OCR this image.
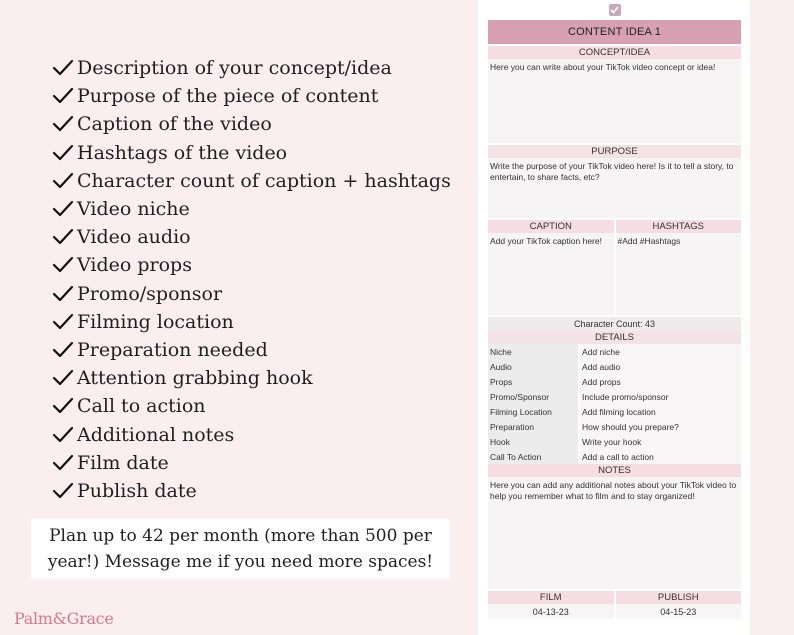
Description of your concept/idea
Purpose of the piece of content
Caption of the video
Hashtags of the video
Character count of caption + hashtags
Video niche
Video audio
Video props
Promo/sponsor
Filming location
Preparation needed
Attention grabbing hook
Call to action
Additional notes
Film date
Publish date
Plan up to 42 per month (more than 500 per year!) Message me if you need more spaces!
Palm&Grace
CONTENT IDEA 1
CONCEPT/IDEA
Here you can write about your TikTok video concept or idea!
PURPOSE
Write the purpose of your TikTok video here! Is it to tell a story, to entertain, to share facts, etc?
CAPTION	HASHTAGS
Add your TikTok caption here!	#Add #Hashtags
Character Count: 43
DETAILS
Niche	Add niche
Audio	Add audio
Props	Add props
Promo/Sponsor	Include promo/sponsor
Filming Location	Add filming location
Preparation	How should you prepare?
Hook	Write your hook
Call To Action	Add a call to action
NOTES
Here you can add any additional notes about your TikTok video to help you remember what to film and to stay organized!
FILM	PUBLISH
04-13-23	04-15-23
